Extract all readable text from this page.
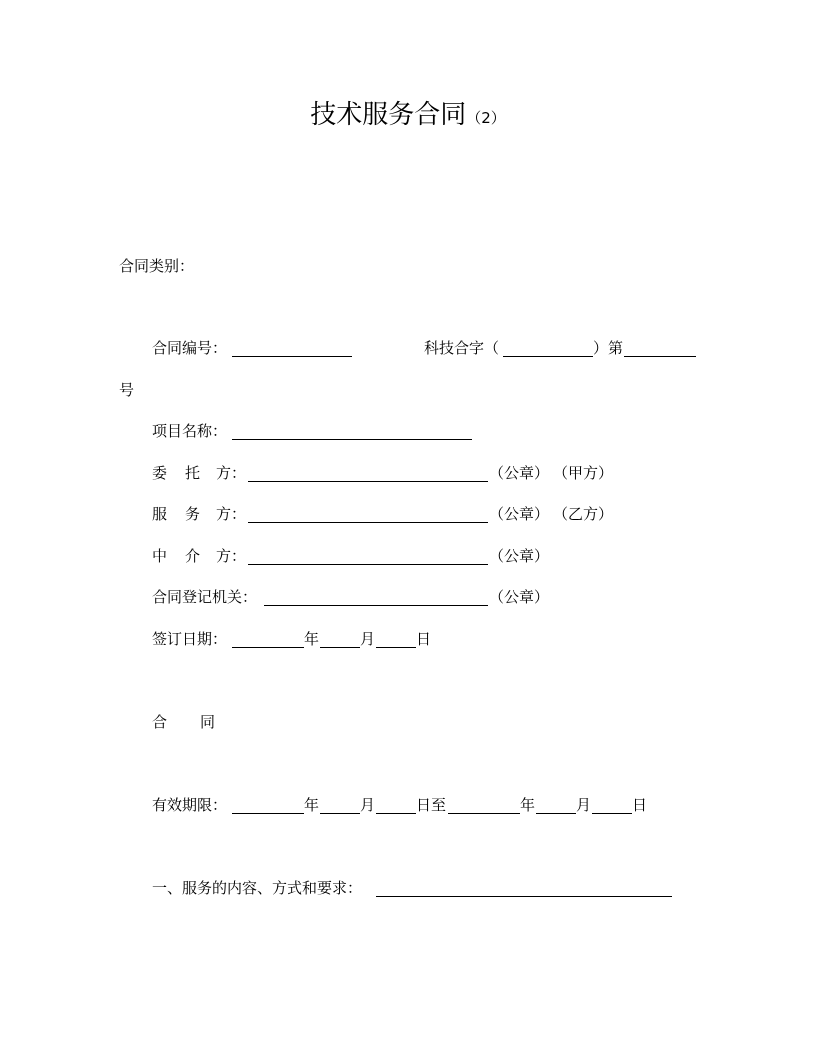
技术服务合同（2）
合同类别：
合同编号：	科技合字（	）第
号
项目名称：
委 托 方：	（公章） （甲方）
服 务 方：	（公章） （乙方）
中 介 方：	（公章）
合同登记机关：	（公章）
签订日期：	年	月	日
合 同
有效期限：	年	月	日至	年	月	日
一、服务的内容、方式和要求：
